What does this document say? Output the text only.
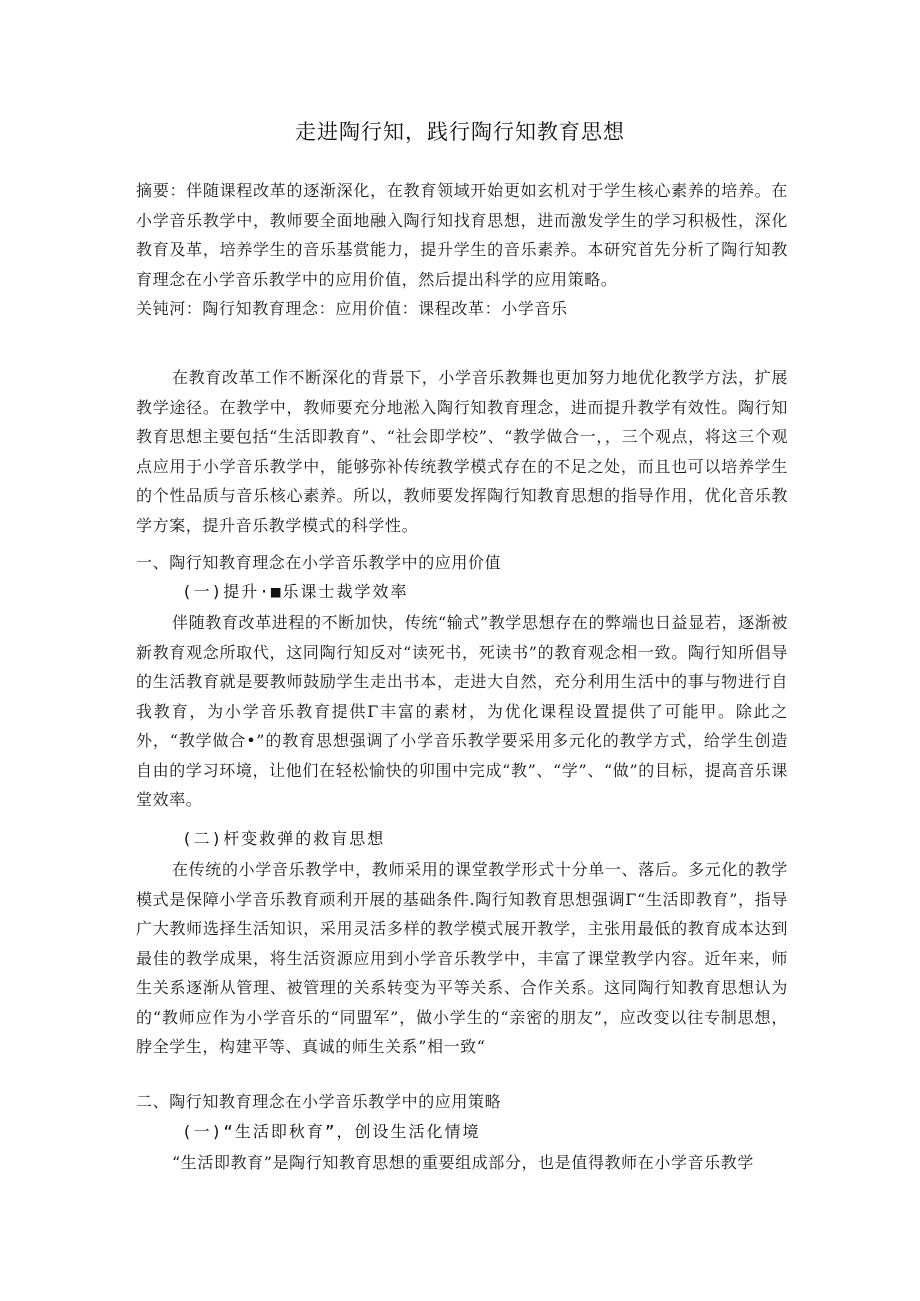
走进陶行知，践行陶行知教育思想

摘要：伴随课程改革的逐渐深化，在教育领域开始更如玄机对于学生核心素养的培养。在小学音乐教学中，教师要全面地融入陶行知找育思想，进而激发学生的学习积极性，深化教育及革，培养学生的音乐基赏能力，提升学生的音乐素养。本研究首先分析了陶行知教育理念在小学音乐教学中的应用价值，然后提出科学的应用策略。

关钝河：陶行知教育理念：应用价值：课程改革：小学音乐

在教育改革工作不断深化的背景下，小学音乐教舞也更加努力地优化教学方法，扩展教学途径。在教学中，教师要充分地淞入陶行知教育理念，进而提升教学有效性。陶行知教育思想主要包括“生活即教育”、“社会即学校”、“教学做合一，，三个观点，将这三个观点应用于小学音乐教学中，能够弥补传统教学模式存在的不足之处，而且也可以培养学生的个性品质与音乐核心素养。所以，教师要发挥陶行知教育思想的指导作用，优化音乐教学方案，提升音乐教学模式的科学性。

一、陶行知教育理念在小学音乐教学中的应用价值
(一)提升·■乐课士裁学效率

伴随教育改革进程的不断加快，传统“输式”教学思想存在的弊端也日益显若，逐渐被新教育观念所取代，这同陶行知反对“读死书，死读书”的教育观念相一致。陶行知所倡导的生活教育就是要教师鼓励学生走出书本，走进大自然，充分利用生活中的事与物进行自我教育，为小学音乐教育提供Γ丰富的素材，为优化课程设置提供了可能甲。除此之外，“教学做合•”的教育思想强调了小学音乐教学要采用多元化的教学方式，给学生创造自由的学习环境，让他们在轻松愉快的卯围中完成“教”、“学”、“做”的目标，提高音乐课堂效率。

(二)杆变救弹的救肓思想

在传统的小学音乐教学中，教师采用的课堂教学形式十分单一、落后。多元化的教学模式是保障小学音乐教育顽利开展的基础条件.陶行知教育思想强调Γ“生活即教育”，指导广大教师选择生活知识，采用灵活多样的教学模式展开教学，主张用最低的教育成本达到最佳的教学成果，将生活资源应用到小学音乐教学中，丰富了课堂教学内容。近年来，师生关系逐渐从管理、被管理的关系转变为平等关系、合作关系。这同陶行知教育思想认为的“教师应作为小学音乐的“同盟军”，做小学生的“亲密的朋友”，应改变以往专制思想，脖全学生，构建平等、真诚的师生关系”相一致“

二、陶行知教育理念在小学音乐教学中的应用策略
(一)“生活即秋育”，创设生活化情境

“生活即教育”是陶行知教育思想的重要组成部分，也是值得教师在小学音乐教学
